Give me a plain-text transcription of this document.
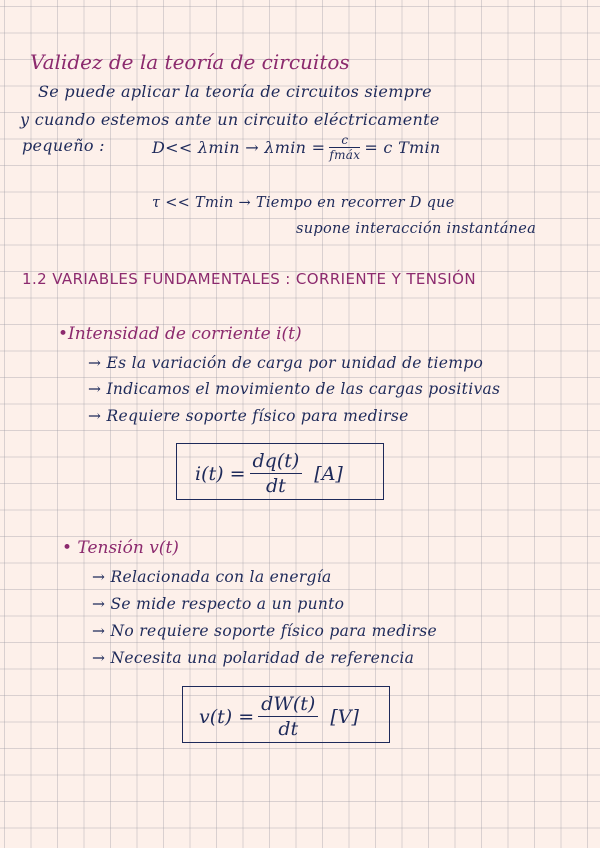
Validez de la teoría de circuitos
Se puede aplicar la teoría de circuitos siempre
y cuando estemos ante un circuito eléctricamente
pequeño :	$D<< \lambda\min \to \lambda\min = \frac{c}{\text{fmáx}} = c$ Tmin
τ << Tmin → Tiempo en recorrer D que
supone interacción instantánea
1.2 VARIABLES FUNDAMENTALES : CORRIENTE Y TENSIÓN
•Intensidad de corriente i(t)
→ Es la variación de carga por unidad de tiempo
→ Indicamos el movimiento de las cargas positivas
→ Requiere soporte físico para medirse
$i(t) = \frac{dq(t)}{dt} [A]$
• Tensión v(t)
→ Relacionada con la energía
→ Se mide respecto a un punto
→ No requiere soporte físico para medirse
→ Necesita una polaridad de referencia
$v(t) = \frac{dW(t)}{dt} [V]$
